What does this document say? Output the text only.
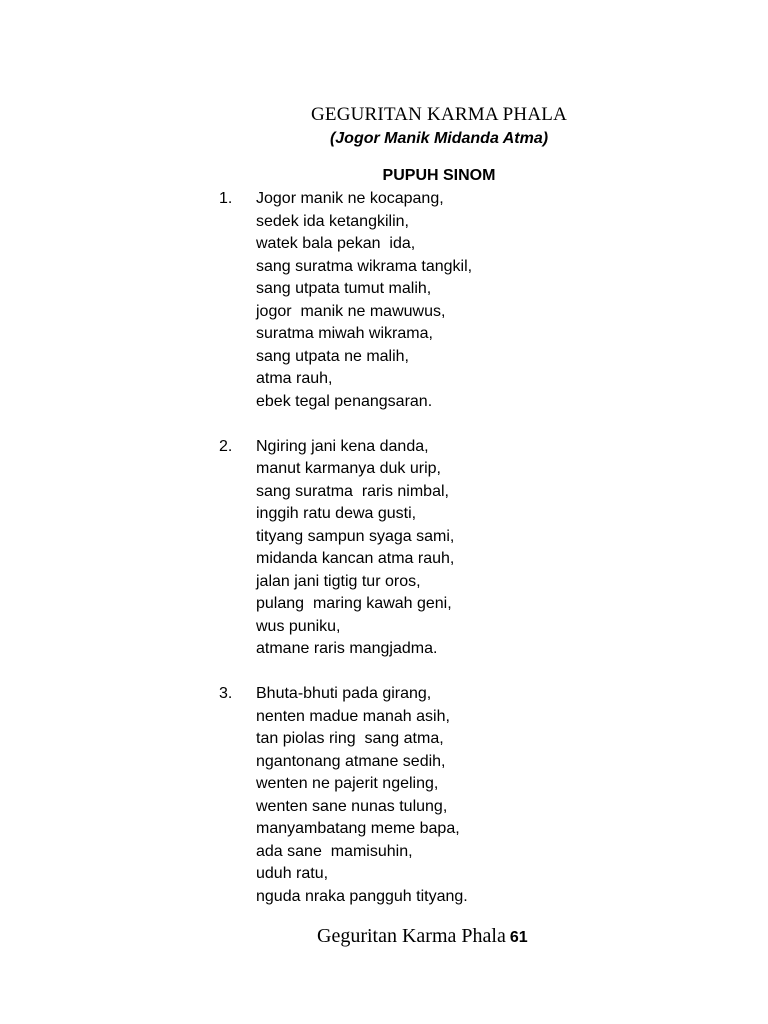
GEGURITAN KARMA PHALA
(Jogor Manik Midanda Atma)
PUPUH SINOM
1.	Jogor manik ne kocapang,
sedek ida ketangkilin,
watek bala pekan  ida,
sang suratma wikrama tangkil,
sang utpata tumut malih,
jogor  manik ne mawuwus,
suratma miwah wikrama,
sang utpata ne malih,
atma rauh,
ebek tegal penangsaran.
2.	Ngiring jani kena danda,
manut karmanya duk urip,
sang suratma  raris nimbal,
inggih ratu dewa gusti,
tityang sampun syaga sami,
midanda kancan atma rauh,
jalan jani tigtig tur oros,
pulang  maring kawah geni,
wus puniku,
atmane raris mangjadma.
3.	Bhuta-bhuti pada girang,
nenten madue manah asih,
tan piolas ring  sang atma,
ngantonang atmane sedih,
wenten ne pajerit ngeling,
wenten sane nunas tulung,
manyambatang meme bapa,
ada sane  mamisuhin,
uduh ratu,
nguda nraka pangguh tityang.
Geguritan Karma Phala 61
